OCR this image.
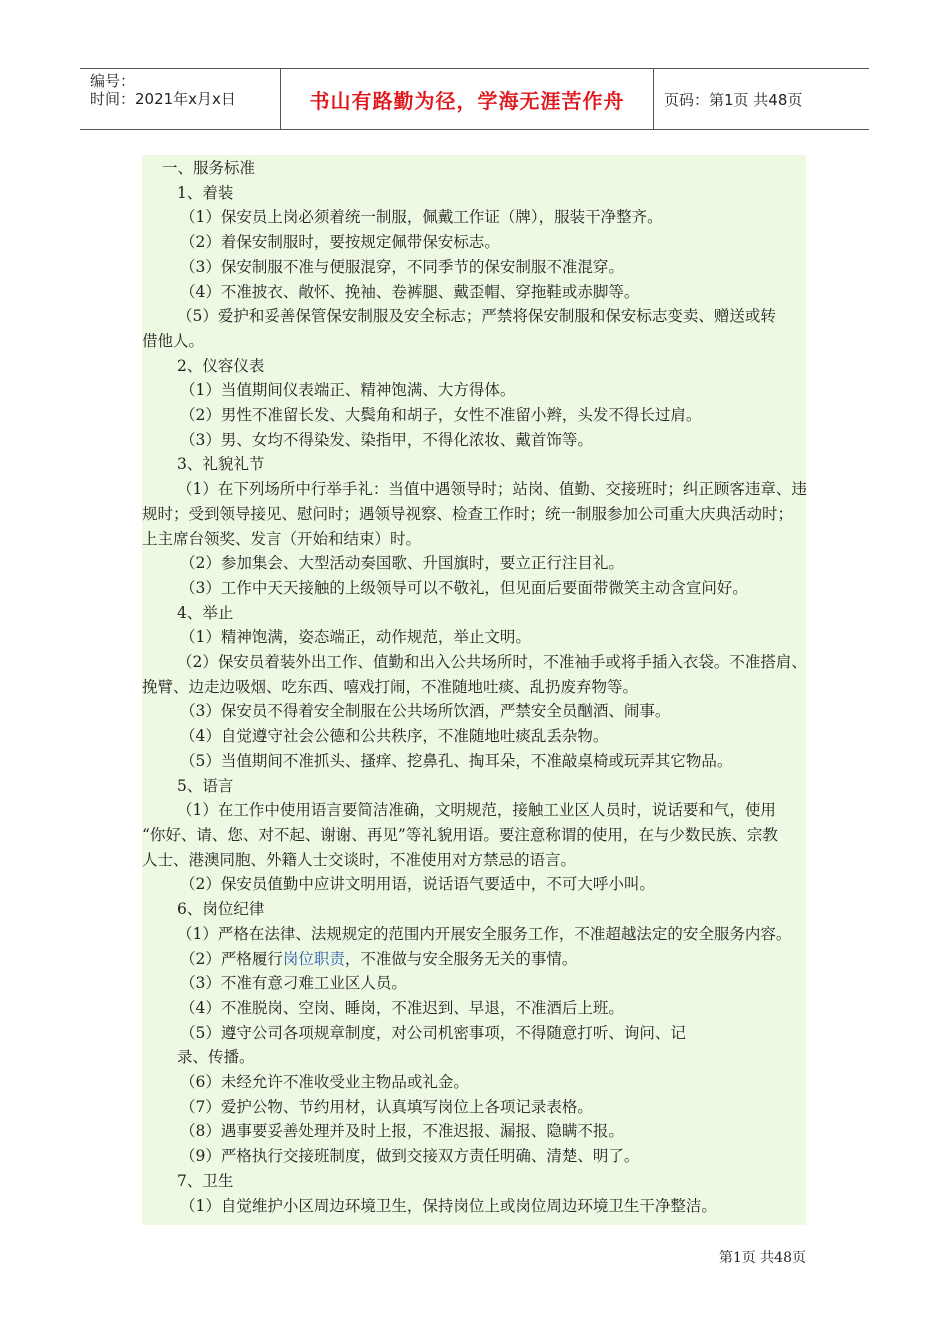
编号：
时间：2021年x月x日	书山有路勤为径，学海无涯苦作舟	页码：第1页 共48页

一、服务标准

1、着装

（1）保安员上岗必须着统一制服，佩戴工作证（牌），服装干净整齐。

（2）着保安制服时，要按规定佩带保安标志。

（3）保安制服不准与便服混穿，不同季节的保安制服不准混穿。

（4）不准披衣、敞怀、挽袖、卷裤腿、戴歪帽、穿拖鞋或赤脚等。

（5）爱护和妥善保管保安制服及安全标志；严禁将保安制服和保安标志变卖、赠送或转

借他人。

2、仪容仪表

（1）当值期间仪表端正、精神饱满、大方得体。

（2）男性不准留长发、大鬓角和胡子，女性不准留小辫，头发不得长过肩。

（3）男、女均不得染发、染指甲，不得化浓妆、戴首饰等。

3、礼貌礼节

（1）在下列场所中行举手礼：当值中遇领导时；站岗、值勤、交接班时；纠正顾客违章、违

规时；受到领导接见、慰问时；遇领导视察、检查工作时；统一制服参加公司重大庆典活动时；

上主席台领奖、发言（开始和结束）时。

（2）参加集会、大型活动奏国歌、升国旗时，要立正行注目礼。

（3）工作中天天接触的上级领导可以不敬礼，但见面后要面带微笑主动含宣问好。

4、举止

（1）精神饱满，姿态端正，动作规范，举止文明。

（2）保安员着装外出工作、值勤和出入公共场所时，不准袖手或将手插入衣袋。不准搭肩、

挽臂、边走边吸烟、吃东西、嘻戏打闹，不准随地吐痰、乱扔废弃物等。

（3）保安员不得着安全制服在公共场所饮酒，严禁安全员酗酒、闹事。

（4）自觉遵守社会公德和公共秩序，不准随地吐痰乱丢杂物。

（5）当值期间不准抓头、搔痒、挖鼻孔、掏耳朵，不准敲桌椅或玩弄其它物品。

5、语言

（1）在工作中使用语言要简洁准确，文明规范，接触工业区人员时，说话要和气，使用

“你好、请、您、对不起、谢谢、再见”等礼貌用语。要注意称谓的使用，在与少数民族、宗教

人士、港澳同胞、外籍人士交谈时，不准使用对方禁忌的语言。

（2）保安员值勤中应讲文明用语，说话语气要适中，不可大呼小叫。

6、岗位纪律

（1）严格在法律、法规规定的范围内开展安全服务工作，不准超越法定的安全服务内容。

（2）严格履行岗位职责，不准做与安全服务无关的事情。

（3）不准有意刁难工业区人员。

（4）不准脱岗、空岗、睡岗，不准迟到、早退，不准酒后上班。

（5）遵守公司各项规章制度，对公司机密事项，不得随意打听、询问、记

录、传播。

（6）未经允许不准收受业主物品或礼金。

（7）爱护公物、节约用材，认真填写岗位上各项记录表格。

（8）遇事要妥善处理并及时上报，不准迟报、漏报、隐瞒不报。

（9）严格执行交接班制度，做到交接双方责任明确、清楚、明了。

7、卫生

（1）自觉维护小区周边环境卫生，保持岗位上或岗位周边环境卫生干净整洁。

第1页 共48页
